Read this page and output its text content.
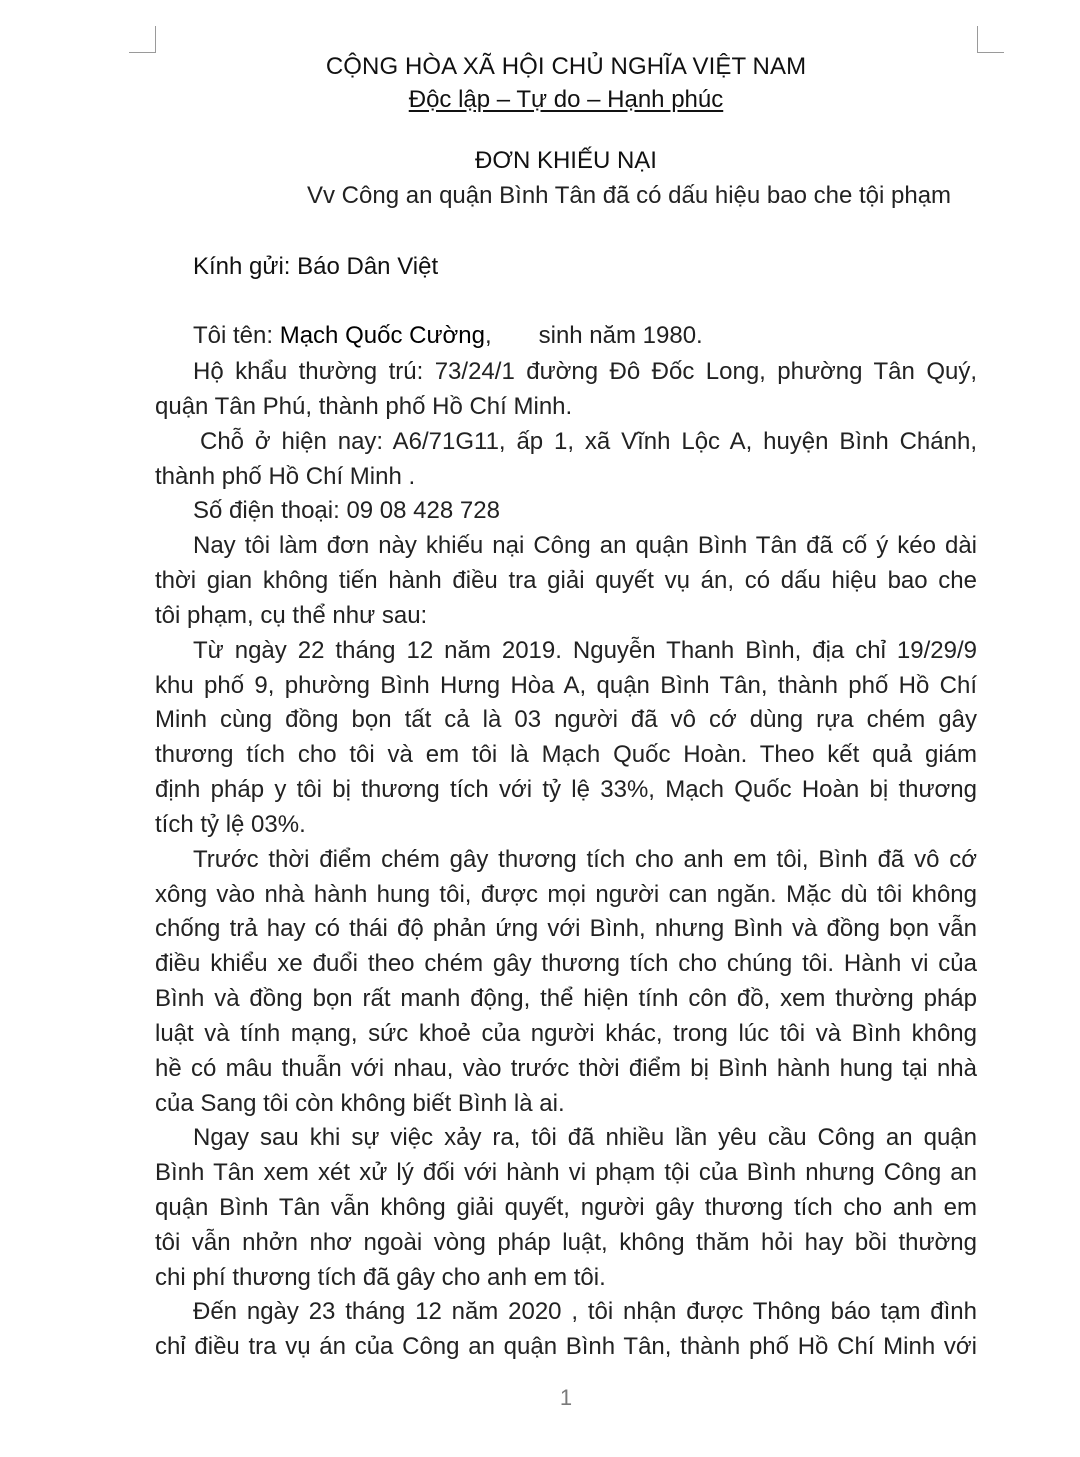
CỘNG HÒA XÃ HỘI CHỦ NGHĨA VIỆT NAM
Độc lập – Tự do – Hạnh phúc
ĐƠN KHIẾU NẠI
Vv Công an quận Bình Tân đã có dấu hiệu bao che tội phạm
Kính gửi: Báo Dân Việt
Tôi tên: Mạch Quốc Cường, sinh năm 1980.
Hộ khẩu thường trú: 73/24/1 đường Đô Đốc Long, phường Tân Quý,
quận Tân Phú, thành phố Hồ Chí Minh.
Chỗ ở hiện nay: A6/71G11, ấp 1, xã Vĩnh Lộc A, huyện Bình Chánh,
thành phố Hồ Chí Minh .
Số điện thoại: 09 08 428 728
Nay tôi làm đơn này khiếu nại Công an quận Bình Tân đã cố ý kéo dài
thời gian không tiến hành điều tra giải quyết vụ án, có dấu hiệu bao che
tôi phạm, cụ thể như sau:
Từ ngày 22 tháng 12 năm 2019. Nguyễn Thanh Bình, địa chỉ 19/29/9
khu phố 9, phường Bình Hưng Hòa A, quận Bình Tân, thành phố Hồ Chí
Minh cùng đồng bọn tất cả là 03 người đã vô cớ dùng rựa chém gây
thương tích cho tôi và em tôi là Mạch Quốc Hoàn. Theo kết quả giám
định pháp y tôi bị thương tích với tỷ lệ 33%, Mạch Quốc Hoàn bị thương
tích tỷ lệ 03%.
Trước thời điểm chém gây thương tích cho anh em tôi, Bình đã vô cớ
xông vào nhà hành hung tôi, được mọi người can ngăn. Mặc dù tôi không
chống trả hay có thái độ phản ứng với Bình, nhưng Bình và đồng bọn vẫn
điều khiểu xe đuổi theo chém gây thương tích cho chúng tôi. Hành vi của
Bình và đồng bọn rất manh động, thể hiện tính côn đồ, xem thường pháp
luật và tính mạng, sức khoẻ của người khác, trong lúc tôi và Bình không
hề có mâu thuẫn với nhau, vào trước thời điểm bị Bình hành hung tại nhà
của Sang tôi còn không biết Bình là ai.
Ngay sau khi sự việc xảy ra, tôi đã nhiều lần yêu cầu Công an quận
Bình Tân xem xét xử lý đối với hành vi phạm tội của Bình nhưng Công an
quận Bình Tân vẫn không giải quyết, người gây thương tích cho anh em
tôi vẫn nhởn nhơ ngoài vòng pháp luật, không thăm hỏi hay bồi thường
chi phí thương tích đã gây cho anh em tôi.
Đến ngày 23 tháng 12 năm 2020 , tôi nhận được Thông báo tạm đình
chỉ điều tra vụ án của Công an quận Bình Tân, thành phố Hồ Chí Minh với
1
